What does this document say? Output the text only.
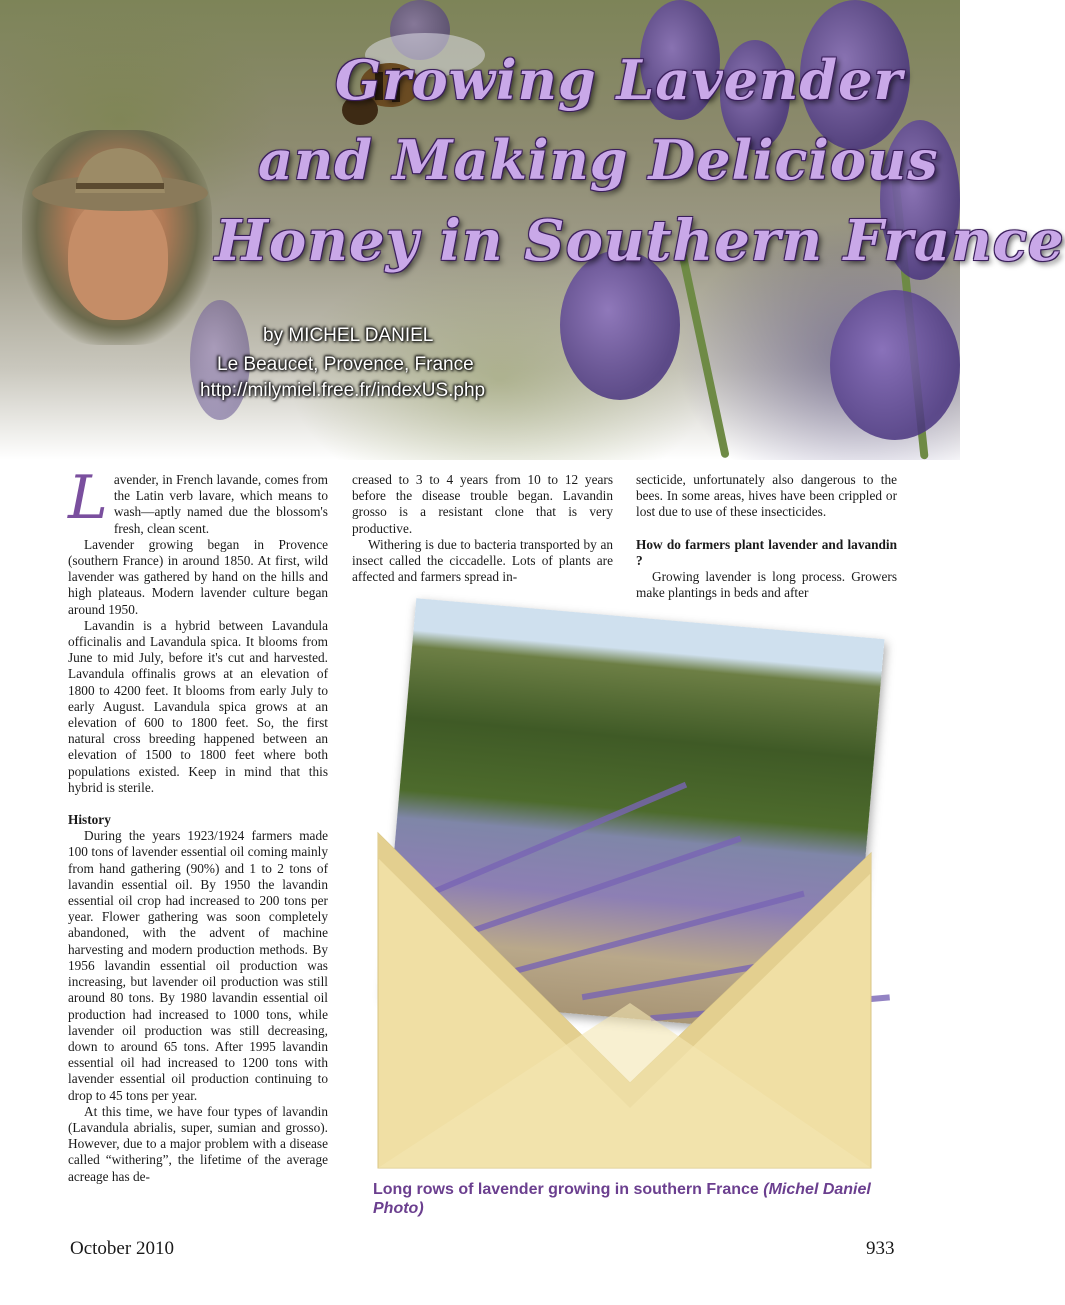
Growing Lavender
and Making Delicious
Honey in Southern France
by MICHEL DANIEL
Le Beaucet, Provence, France
http://milymiel.free.fr/indexUS.php

Lavender, in French lavande, comes from the Latin verb lavare, which means to wash—aptly named due the blossom's fresh, clean scent.

Lavender growing began in Provence (southern France) in around 1850. At first, wild lavender was gathered by hand on the hills and high plateaus. Modern lavender culture began around 1950.

Lavandin is a hybrid between Lavandula officinalis and Lavandula spica. It blooms from June to mid July, before it's cut and harvested. Lavandula offinalis grows at an elevation of 1800 to 4200 feet. It blooms from early July to early August. Lavandula spica grows at an elevation of 600 to 1800 feet. So, the first natural cross breeding happened between an elevation of 1500 to 1800 feet where both populations existed. Keep in mind that this hybrid is sterile.

History

During the years 1923/1924 farmers made 100 tons of lavender essential oil coming mainly from hand gathering (90%) and 1 to 2 tons of lavandin essential oil. By 1950 the lavandin essential oil crop had increased to 200 tons per year. Flower gathering was soon completely abandoned, with the advent of machine harvesting and modern production methods. By 1956 lavandin essential oil production was increasing, but lavender oil production was still around 80 tons. By 1980 lavandin essential oil production had increased to 1000 tons, while lavender oil production was still decreasing, down to around 65 tons. After 1995 lavandin essential oil had increased to 1200 tons with lavender essential oil production continuing to drop to 45 tons per year.

At this time, we have four types of lavandin (Lavandula abrialis, super, sumian and grosso). However, due to a major problem with a disease called “withering”, the lifetime of the average acreage has de-

creased to 3 to 4 years from 10 to 12 years before the disease trouble began. Lavandin grosso is a resistant clone that is very productive.

Withering is due to bacteria transported by an insect called the ciccadelle. Lots of plants are affected and farmers spread in-

secticide, unfortunately also dangerous to the bees. In some areas, hives have been crippled or lost due to use of these insecticides.

How do farmers plant lavender and lavandin ?

Growing lavender is long process. Growers make plantings in beds and after

Long rows of lavender growing in southern France (Michel Daniel Photo)
October 2010	933
